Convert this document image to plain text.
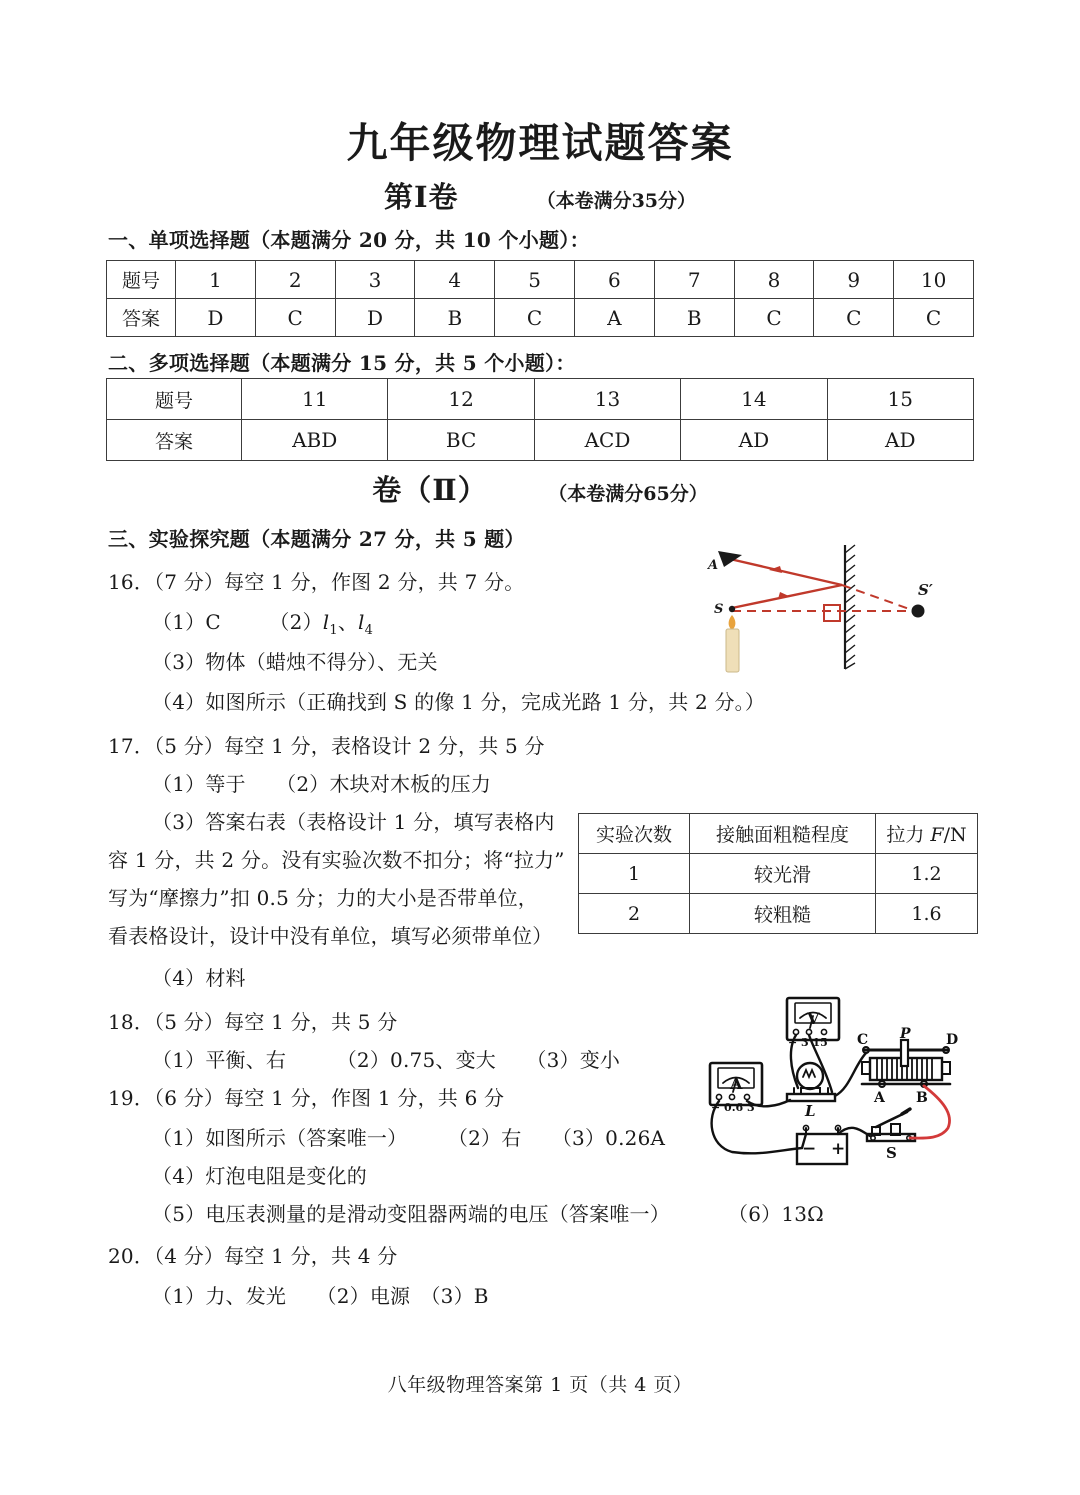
九年级物理试题答案
第Ⅰ卷	（本卷满分35分）
一、单项选择题（本题满分 20 分，共 10 个小题）：
题号	1	2	3	4	5	6	7	8	9	10
答案	D	C	D	B	C	A	B	C	C	C
二、多项选择题（本题满分 15 分，共 5 个小题）：
题号	11	12	13	14	15
答案	ABD	BC	ACD	AD	AD
卷（Ⅱ）	（本卷满分65分）
三、实验探究题（本题满分 27 分，共 5 题）
16．（7 分）每空 1 分，作图 2 分，共 7 分。
（1）C $(2)l_1$、$l_4$
（3）物体（蜡烛不得分）、无关
（4）如图所示（正确找到 S 的像 1 分，完成光路 1 分，共 2 分。）
A
S
S′
17．（5 分）每空 1 分，表格设计 2 分，共 5 分
（1）等于　　（2）木块对木板的压力
（3）答案右表（表格设计 1 分，填写表格内
容 1 分，共 2 分。没有实验次数不扣分；将“拉力”
写为“摩擦力”扣 0.5 分；力的大小是否带单位，
看表格设计，设计中没有单位，填写必须带单位）
（4）材料
实验次数	接触面粗糙程度	拉力 F/N
1	较光滑	1.2
2	较粗糙	1.6
18．（5 分）每空 1 分，共 5 分
（1）平衡、右　　　（2）0.75、变大　　（3）变小
19．（6 分）每空 1 分，作图 1 分，共 6 分
（1）如图所示（答案唯一）　　　（2）右　　（3）0.26A
（4）灯泡电阻是变化的
（5）电压表测量的是滑动变阻器两端的电压（答案唯一）	（6）13Ω
20．（4 分）每空 1 分，共 4 分
（1）力、发光　　（2）电源　（3）B
V
− 3 15
A
− 0.6 3	L
C P	D
A B
− +	S
八年级物理答案第 1 页（共 4 页）
